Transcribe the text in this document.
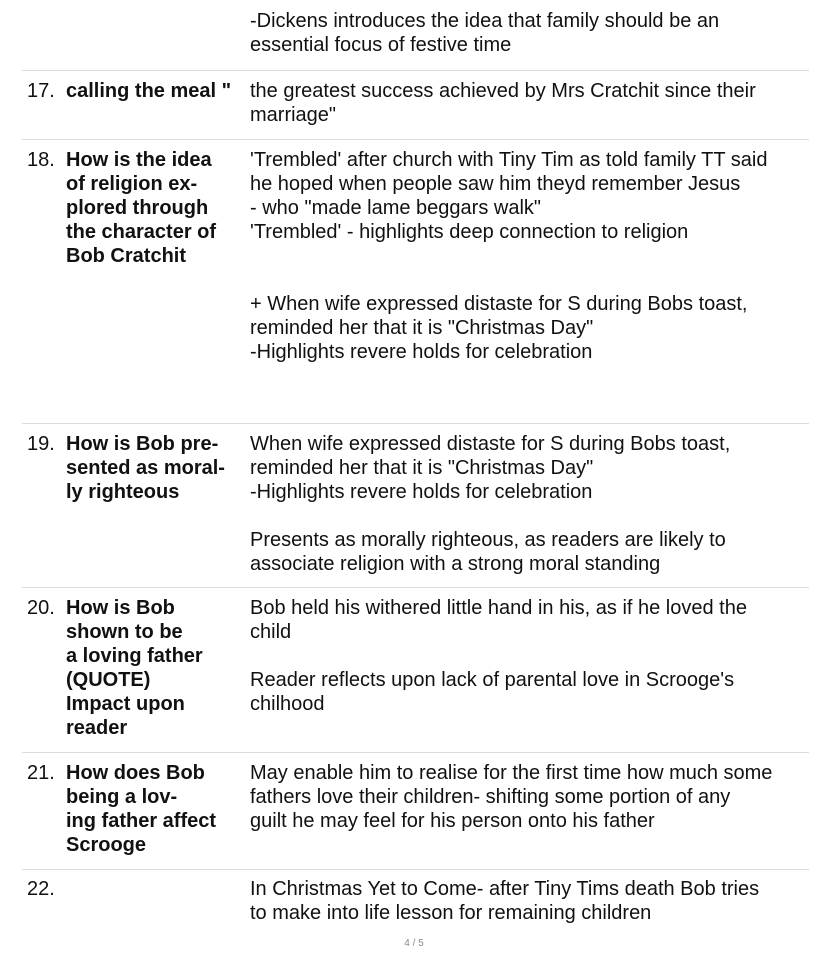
-Dickens introduces the idea that family should be an

essential focus of festive time

17. calling the meal " the greatest success achieved by Mrs Cratchit since their

marriage"

18. How is the idea
of religion ex-
plored through
the character of
Bob Cratchit

'Trembled' after church with Tiny Tim as told family TT said

he hoped when people saw him theyd remember Jesus

- who "made lame beggars walk"

'Trembled' - highlights deep connection to religion

+ When wife expressed distaste for S during Bobs toast,

reminded her that it is "Christmas Day"

-Highlights revere holds for celebration

19. How is Bob pre-
sented as moral-
ly righteous

When wife expressed distaste for S during Bobs toast,

reminded her that it is "Christmas Day"

-Highlights revere holds for celebration

Presents as morally righteous, as readers are likely to

associate religion with a strong moral standing

20. How is Bob
shown to be
a loving father
(QUOTE)
Impact upon
reader

Bob held his withered little hand in his, as if he loved the

child

Reader reflects upon lack of parental love in Scrooge's

chilhood

21. How does Bob
being a lov-
ing father affect
Scrooge

May enable him to realise for the first time how much some

fathers love their children- shifting some portion of any

guilt he may feel for his person onto his father

22.	In Christmas Yet to Come- after Tiny Tims death Bob tries

to make into life lesson for remaining children

4 / 5
